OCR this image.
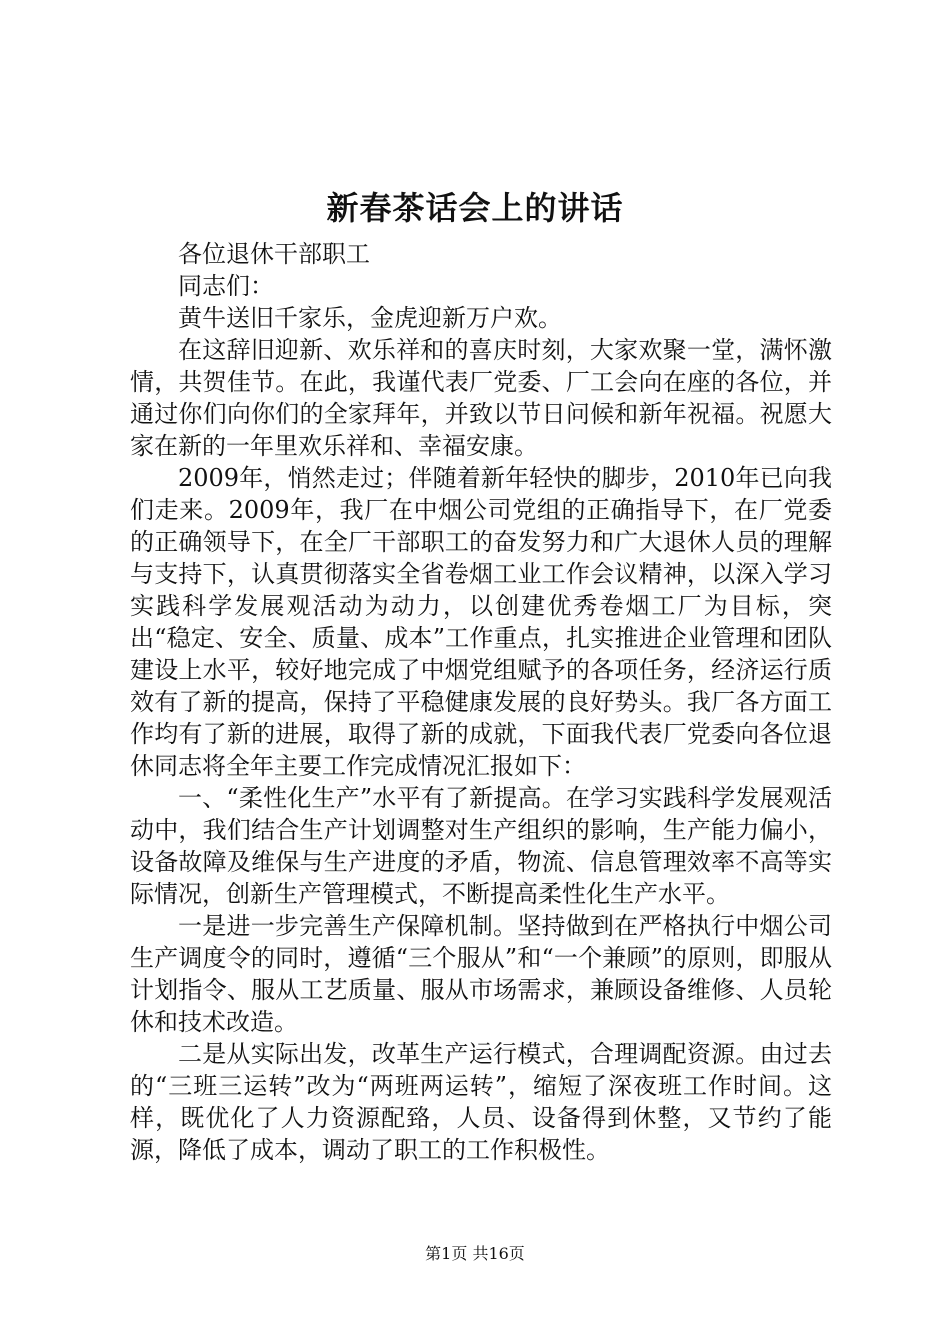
新春茶话会上的讲话

各位退休干部职工

同志们：

黄牛送旧千家乐，金虎迎新万户欢。

在这辞旧迎新、欢乐祥和的喜庆时刻，大家欢聚一堂，满怀激情，共贺佳节。在此，我谨代表厂党委、厂工会向在座的各位，并通过你们向你们的全家拜年，并致以节日问候和新年祝福。祝愿大家在新的一年里欢乐祥和、幸福安康。

2009年，悄然走过；伴随着新年轻快的脚步，2010年已向我们走来。2009年，我厂在中烟公司党组的正确指导下，在厂党委的正确领导下，在全厂干部职工的奋发努力和广大退休人员的理解与支持下，认真贯彻落实全省卷烟工业工作会议精神，以深入学习实践科学发展观活动为动力，以创建优秀卷烟工厂为目标，突出“稳定、安全、质量、成本”工作重点，扎实推进企业管理和团队建设上水平，较好地完成了中烟党组赋予的各项任务，经济运行质效有了新的提高，保持了平稳健康发展的良好势头。我厂各方面工作均有了新的进展，取得了新的成就，下面我代表厂党委向各位退休同志将全年主要工作完成情况汇报如下：

一、“柔性化生产”水平有了新提高。在学习实践科学发展观活动中，我们结合生产计划调整对生产组织的影响，生产能力偏小，设备故障及维保与生产进度的矛盾，物流、信息管理效率不高等实际情况，创新生产管理模式，不断提高柔性化生产水平。

一是进一步完善生产保障机制。坚持做到在严格执行中烟公司生产调度令的同时，遵循“三个服从”和“一个兼顾”的原则，即服从计划指令、服从工艺质量、服从市场需求，兼顾设备维修、人员轮休和技术改造。

二是从实际出发，改革生产运行模式，合理调配资源。由过去的“三班三运转”改为“两班两运转”，缩短了深夜班工作时间。这样，既优化了人力资源配臵，人员、设备得到休整，又节约了能源，降低了成本，调动了职工的工作积极性。

第1页 共16页
